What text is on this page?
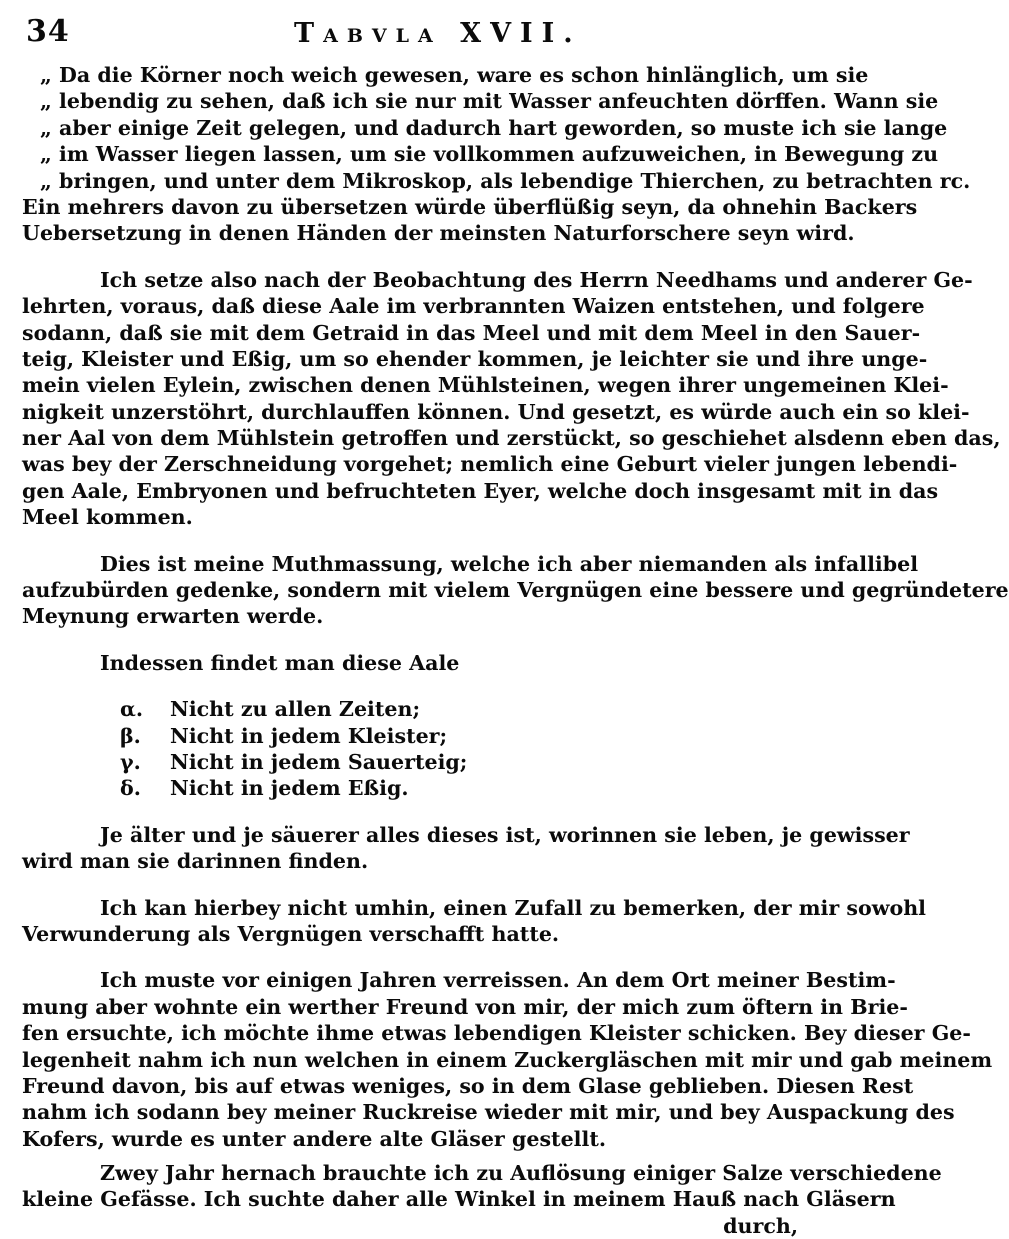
34	Tabvla XVII.
„ Da die Körner noch weich gewesen, ware es schon hinlänglich, um sie
„ lebendig zu sehen, daß ich sie nur mit Wasser anfeuchten dörffen. Wann sie
„ aber einige Zeit gelegen, und dadurch hart geworden, so muste ich sie lange
„ im Wasser liegen lassen, um sie vollkommen aufzuweichen, in Bewegung zu
„ bringen, und unter dem Mikroskop, als lebendige Thierchen, zu betrachten rc.
Ein mehrers davon zu übersetzen würde überflüßig seyn, da ohnehin Backers
Uebersetzung in denen Händen der meinsten Naturforschere seyn wird.
Ich setze also nach der Beobachtung des Herrn Needhams und anderer Ge-
lehrten, voraus, daß diese Aale im verbrannten Waizen entstehen, und folgere
sodann, daß sie mit dem Getraid in das Meel und mit dem Meel in den Sauer-
teig, Kleister und Eßig, um so ehender kommen, je leichter sie und ihre unge-
mein vielen Eylein, zwischen denen Mühlsteinen, wegen ihrer ungemeinen Klei-
nigkeit unzerstöhrt, durchlauffen können. Und gesetzt, es würde auch ein so klei-
ner Aal von dem Mühlstein getroffen und zerstückt, so geschiehet alsdenn eben das,
was bey der Zerschneidung vorgehet; nemlich eine Geburt vieler jungen lebendi-
gen Aale, Embryonen und befruchteten Eyer, welche doch insgesamt mit in das
Meel kommen.
Dies ist meine Muthmassung, welche ich aber niemanden als infallibel
aufzubürden gedenke, sondern mit vielem Vergnügen eine bessere und gegründetere
Meynung erwarten werde.
Indessen findet man diese Aale
α. Nicht zu allen Zeiten;
β. Nicht in jedem Kleister;
γ. Nicht in jedem Sauerteig;
δ. Nicht in jedem Eßig.
Je älter und je säuerer alles dieses ist, worinnen sie leben, je gewisser
wird man sie darinnen finden.
Ich kan hierbey nicht umhin, einen Zufall zu bemerken, der mir sowohl
Verwunderung als Vergnügen verschafft hatte.
Ich muste vor einigen Jahren verreissen. An dem Ort meiner Bestim-
mung aber wohnte ein werther Freund von mir, der mich zum öftern in Brie-
fen ersuchte, ich möchte ihme etwas lebendigen Kleister schicken. Bey dieser Ge-
legenheit nahm ich nun welchen in einem Zuckergläschen mit mir und gab meinem
Freund davon, bis auf etwas weniges, so in dem Glase geblieben. Diesen Rest
nahm ich sodann bey meiner Ruckreise wieder mit mir, und bey Auspackung des
Kofers, wurde es unter andere alte Gläser gestellt.
Zwey Jahr hernach brauchte ich zu Auflösung einiger Salze verschiedene
kleine Gefässe. Ich suchte daher alle Winkel in meinem Hauß nach Gläsern
durch,
